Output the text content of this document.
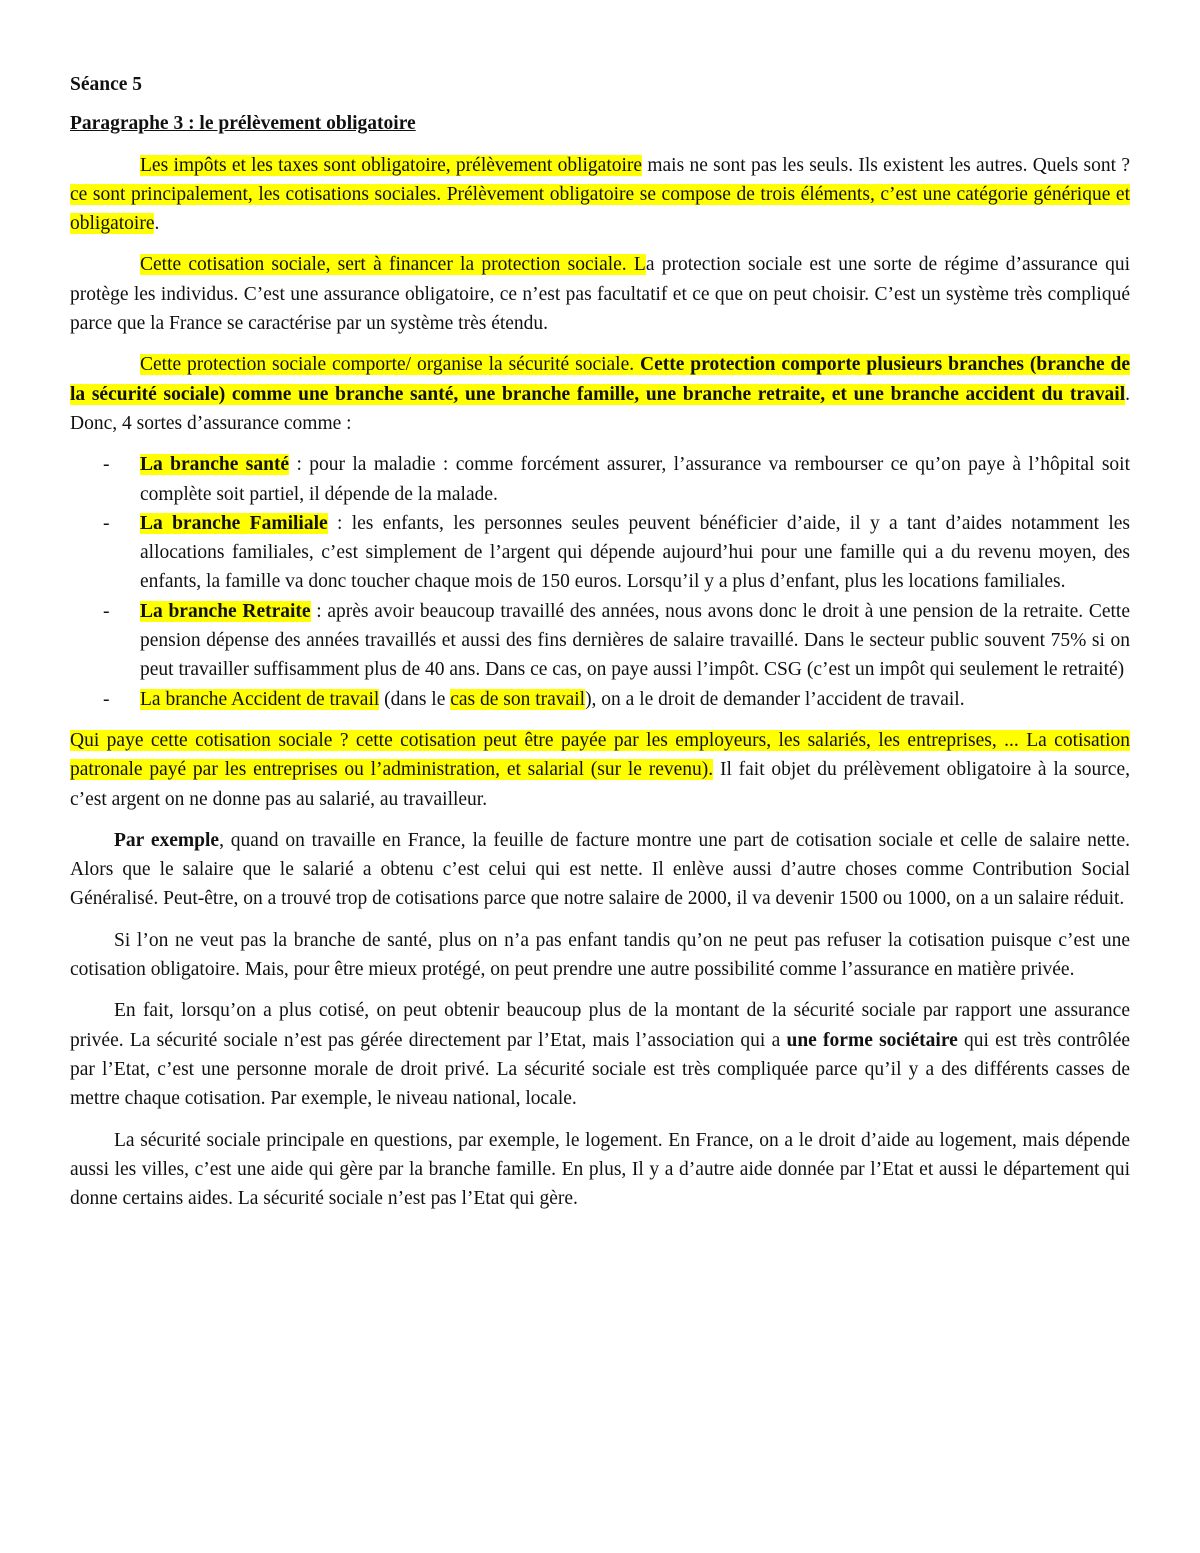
Séance 5

Paragraphe 3 : le prélèvement obligatoire

Les impôts et les taxes sont obligatoire, prélèvement obligatoire mais ne sont pas les seuls. Ils existent les autres. Quels sont ? ce sont principalement, les cotisations sociales. Prélèvement obligatoire se compose de trois éléments, c’est une catégorie générique et obligatoire.

Cette cotisation sociale, sert à financer la protection sociale. La protection sociale est une sorte de régime d’assurance qui protège les individus. C’est une assurance obligatoire, ce n’est pas facultatif et ce que on peut choisir. C’est un système très compliqué parce que la France se caractérise par un système très étendu.

Cette protection sociale comporte/ organise la sécurité sociale. Cette protection comporte plusieurs branches (branche de la sécurité sociale) comme une branche santé, une branche famille, une branche retraite, et une branche accident du travail. Donc, 4 sortes d’assurance comme :

- La branche santé : pour la maladie : comme forcément assurer, l’assurance va rembourser ce qu’on paye à l’hôpital soit complète soit partiel, il dépende de la malade.
- La branche Familiale : les enfants, les personnes seules peuvent bénéficier d’aide, il y a tant d’aides notamment les allocations familiales, c’est simplement de l’argent qui dépende aujourd’hui pour une famille qui a du revenu moyen, des enfants, la famille va donc toucher chaque mois de 150 euros. Lorsqu’il y a plus d’enfant, plus les locations familiales.
- La branche Retraite : après avoir beaucoup travaillé des années, nous avons donc le droit à une pension de la retraite. Cette pension dépense des années travaillés et aussi des fins dernières de salaire travaillé. Dans le secteur public souvent 75% si on peut travailler suffisamment plus de 40 ans. Dans ce cas, on paye aussi l’impôt. CSG (c’est un impôt qui seulement le retraité)
- La branche Accident de travail (dans le cas de son travail), on a le droit de demander l’accident de travail.

Qui paye cette cotisation sociale ? cette cotisation peut être payée par les employeurs, les salariés, les entreprises, ... La cotisation patronale payé par les entreprises ou l’administration, et salarial (sur le revenu). Il fait objet du prélèvement obligatoire à la source, c’est argent on ne donne pas au salarié, au travailleur.

Par exemple, quand on travaille en France, la feuille de facture montre une part de cotisation sociale et celle de salaire nette. Alors que le salaire que le salarié a obtenu c’est celui qui est nette. Il enlève aussi d’autre choses comme Contribution Social Généralisé. Peut-être, on a trouvé trop de cotisations parce que notre salaire de 2000, il va devenir 1500 ou 1000, on a un salaire réduit.

Si l’on ne veut pas la branche de santé, plus on n’a pas enfant tandis qu’on ne peut pas refuser la cotisation puisque c’est une cotisation obligatoire. Mais, pour être mieux protégé, on peut prendre une autre possibilité comme l’assurance en matière privée.

En fait, lorsqu’on a plus cotisé, on peut obtenir beaucoup plus de la montant de la sécurité sociale par rapport une assurance privée. La sécurité sociale n’est pas gérée directement par l’Etat, mais l’association qui a une forme sociétaire qui est très contrôlée par l’Etat, c’est une personne morale de droit privé. La sécurité sociale est très compliquée parce qu’il y a des différents casses de mettre chaque cotisation. Par exemple, le niveau national, locale.

La sécurité sociale principale en questions, par exemple, le logement. En France, on a le droit d’aide au logement, mais dépende aussi les villes, c’est une aide qui gère par la branche famille. En plus, Il y a d’autre aide donnée par l’Etat et aussi le département qui donne certains aides. La sécurité sociale n’est pas l’Etat qui gère.
